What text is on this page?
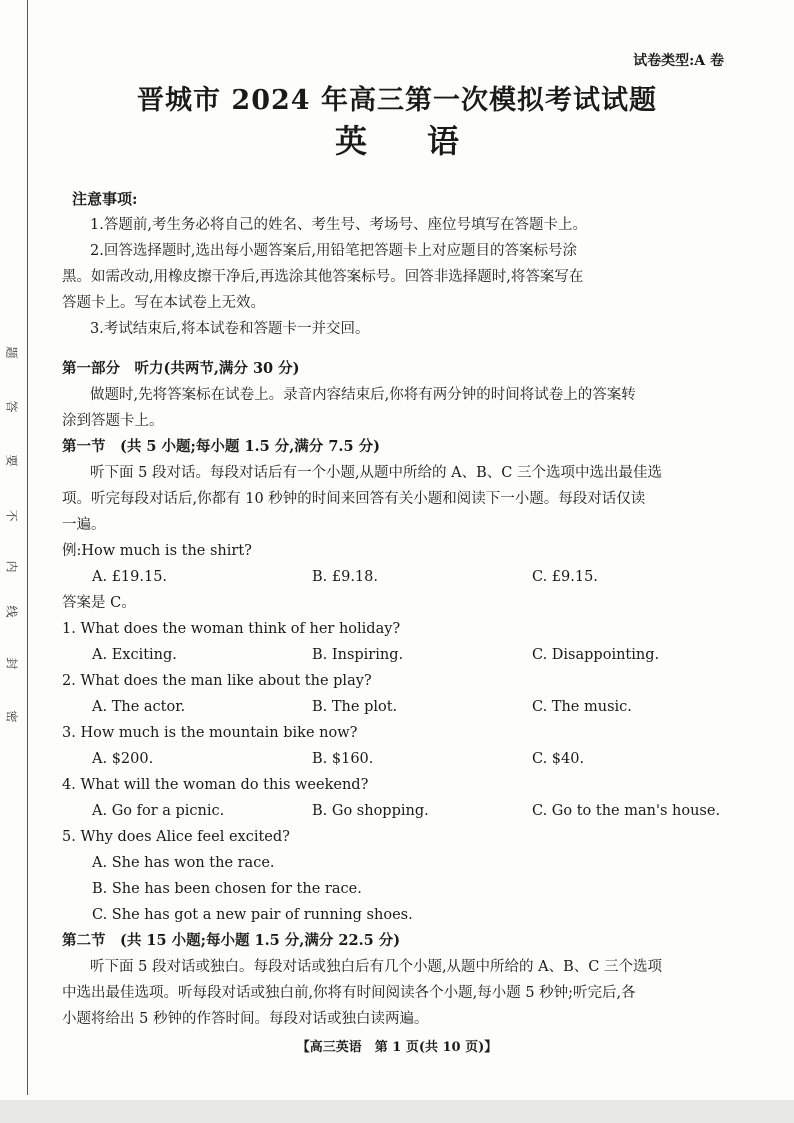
题
答
要
不
内
线
封
密
试卷类型:A 卷
晋城市 2024 年高三第一次模拟考试试题
英语
注意事项:

1.答题前,考生务必将自己的姓名、考生号、考场号、座位号填写在答题卡上。

2.回答选择题时,选出每小题答案后,用铅笔把答题卡上对应题目的答案标号涂

黑。如需改动,用橡皮擦干净后,再选涂其他答案标号。回答非选择题时,将答案写在

答题卡上。写在本试卷上无效。

3.考试结束后,将本试卷和答题卡一并交回。

第一部分　听力(共两节,满分 30 分)

做题时,先将答案标在试卷上。录音内容结束后,你将有两分钟的时间将试卷上的答案转

涂到答题卡上。

第一节　(共 5 小题;每小题 1.5 分,满分 7.5 分)

听下面 5 段对话。每段对话后有一个小题,从题中所给的 A、B、C 三个选项中选出最佳选

项。听完每段对话后,你都有 10 秒钟的时间来回答有关小题和阅读下一小题。每段对话仅读

一遍。

例:How much is the shirt?

A. £19.15.	B. £9.18.	C. £9.15.

答案是 C。

1. What does the woman think of her holiday?

A. Exciting.	B. Inspiring.	C. Disappointing.

2. What does the man like about the play?

A. The actor.	B. The plot.	C. The music.

3. How much is the mountain bike now?

A. $200.	B. $160.	C. $40.

4. What will the woman do this weekend?

A. Go for a picnic.	B. Go shopping.	C. Go to the man's house.

5. Why does Alice feel excited?

A. She has won the race.
B. She has been chosen for the race.
C. She has got a new pair of running shoes.

第二节　(共 15 小题;每小题 1.5 分,满分 22.5 分)

听下面 5 段对话或独白。每段对话或独白后有几个小题,从题中所给的 A、B、C 三个选项

中选出最佳选项。听每段对话或独白前,你将有时间阅读各个小题,每小题 5 秒钟;听完后,各

小题将给出 5 秒钟的作答时间。每段对话或独白读两遍。

【高三英语　第 1 页(共 10 页)】
